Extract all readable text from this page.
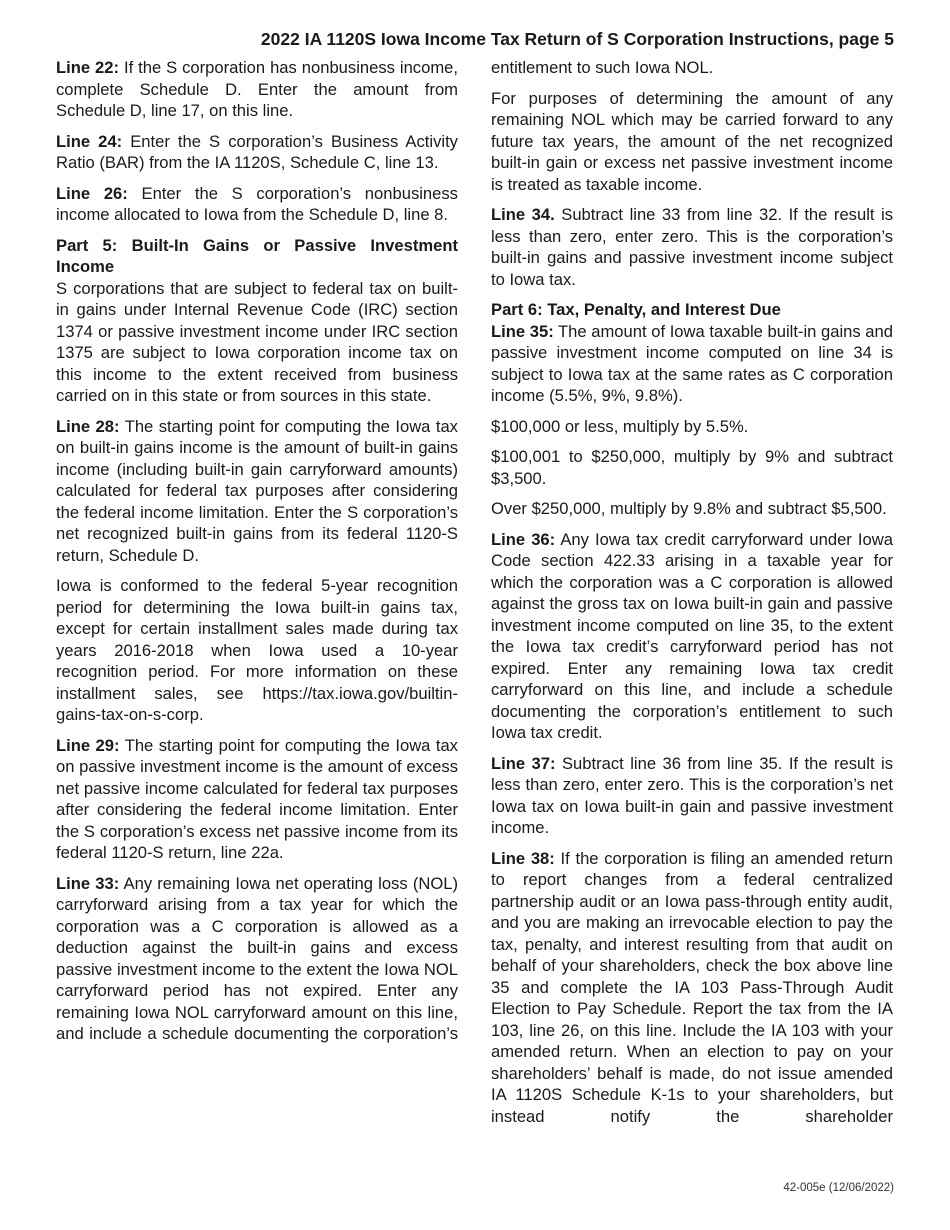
2022 IA 1120S Iowa Income Tax Return of S Corporation Instructions, page 5

Line 22: If the S corporation has nonbusiness income, complete Schedule D. Enter the amount from Schedule D, line 17, on this line.

Line 24: Enter the S corporation’s Business Activity Ratio (BAR) from the IA 1120S, Schedule C, line 13.

Line 26: Enter the S corporation’s nonbusiness income allocated to Iowa from the Schedule D, line 8.

Part 5: Built-In Gains or Passive Investment Income

S corporations that are subject to federal tax on built-in gains under Internal Revenue Code (IRC) section 1374 or passive investment income under IRC section 1375 are subject to Iowa corporation income tax on this income to the extent received from business carried on in this state or from sources in this state.

Line 28: The starting point for computing the Iowa tax on built-in gains income is the amount of built-in gains income (including built-in gain carryforward amounts) calculated for federal tax purposes after considering the federal income limitation. Enter the S corporation’s net recognized built-in gains from its federal 1120-S return, Schedule D.

Iowa is conformed to the federal 5-year recognition period for determining the Iowa built-in gains tax, except for certain installment sales made during tax years 2016-2018 when Iowa used a 10-year recognition period. For more information on these installment sales, see https://tax.iowa.gov/builtin-gains-tax-on-s-corp.

Line 29: The starting point for computing the Iowa tax on passive investment income is the amount of excess net passive income calculated for federal tax purposes after considering the federal income limitation. Enter the S corporation’s excess net passive income from its federal 1120-S return, line 22a.

Line 33: Any remaining Iowa net operating loss (NOL) carryforward arising from a tax year for which the corporation was a C corporation is allowed as a deduction against the built-in gains and excess passive investment income to the extent the Iowa NOL carryforward period has not expired. Enter any remaining Iowa NOL carryforward amount on this line, and include a schedule documenting the corporation’s

entitlement to such Iowa NOL.

For purposes of determining the amount of any remaining NOL which may be carried forward to any future tax years, the amount of the net recognized built-in gain or excess net passive investment income is treated as taxable income.

Line 34. Subtract line 33 from line 32. If the result is less than zero, enter zero. This is the corporation’s built-in gains and passive investment income subject to Iowa tax.

Part 6: Tax, Penalty, and Interest Due

Line 35: The amount of Iowa taxable built-in gains and passive investment income computed on line 34 is subject to Iowa tax at the same rates as C corporation income (5.5%, 9%, 9.8%).

$100,000 or less, multiply by 5.5%.

$100,001 to $250,000, multiply by 9% and subtract $3,500.

Over $250,000, multiply by 9.8% and subtract $5,500.

Line 36: Any Iowa tax credit carryforward under Iowa Code section 422.33 arising in a taxable year for which the corporation was a C corporation is allowed against the gross tax on Iowa built-in gain and passive investment income computed on line 35, to the extent the Iowa tax credit’s carryforward period has not expired. Enter any remaining Iowa tax credit carryforward on this line, and include a schedule documenting the corporation’s entitlement to such Iowa tax credit.

Line 37: Subtract line 36 from line 35. If the result is less than zero, enter zero. This is the corporation’s net Iowa tax on Iowa built-in gain and passive investment income.

Line 38: If the corporation is filing an amended return to report changes from a federal centralized partnership audit or an Iowa pass-through entity audit, and you are making an irrevocable election to pay the tax, penalty, and interest resulting from that audit on behalf of your shareholders, check the box above line 35 and complete the IA 103 Pass-Through Audit Election to Pay Schedule. Report the tax from the IA 103, line 26, on this line. Include the IA 103 with your amended return. When an election to pay on your shareholders’ behalf is made, do not issue amended IA 1120S Schedule K-1s to your shareholders, but instead notify the shareholder

42-005e (12/06/2022)
